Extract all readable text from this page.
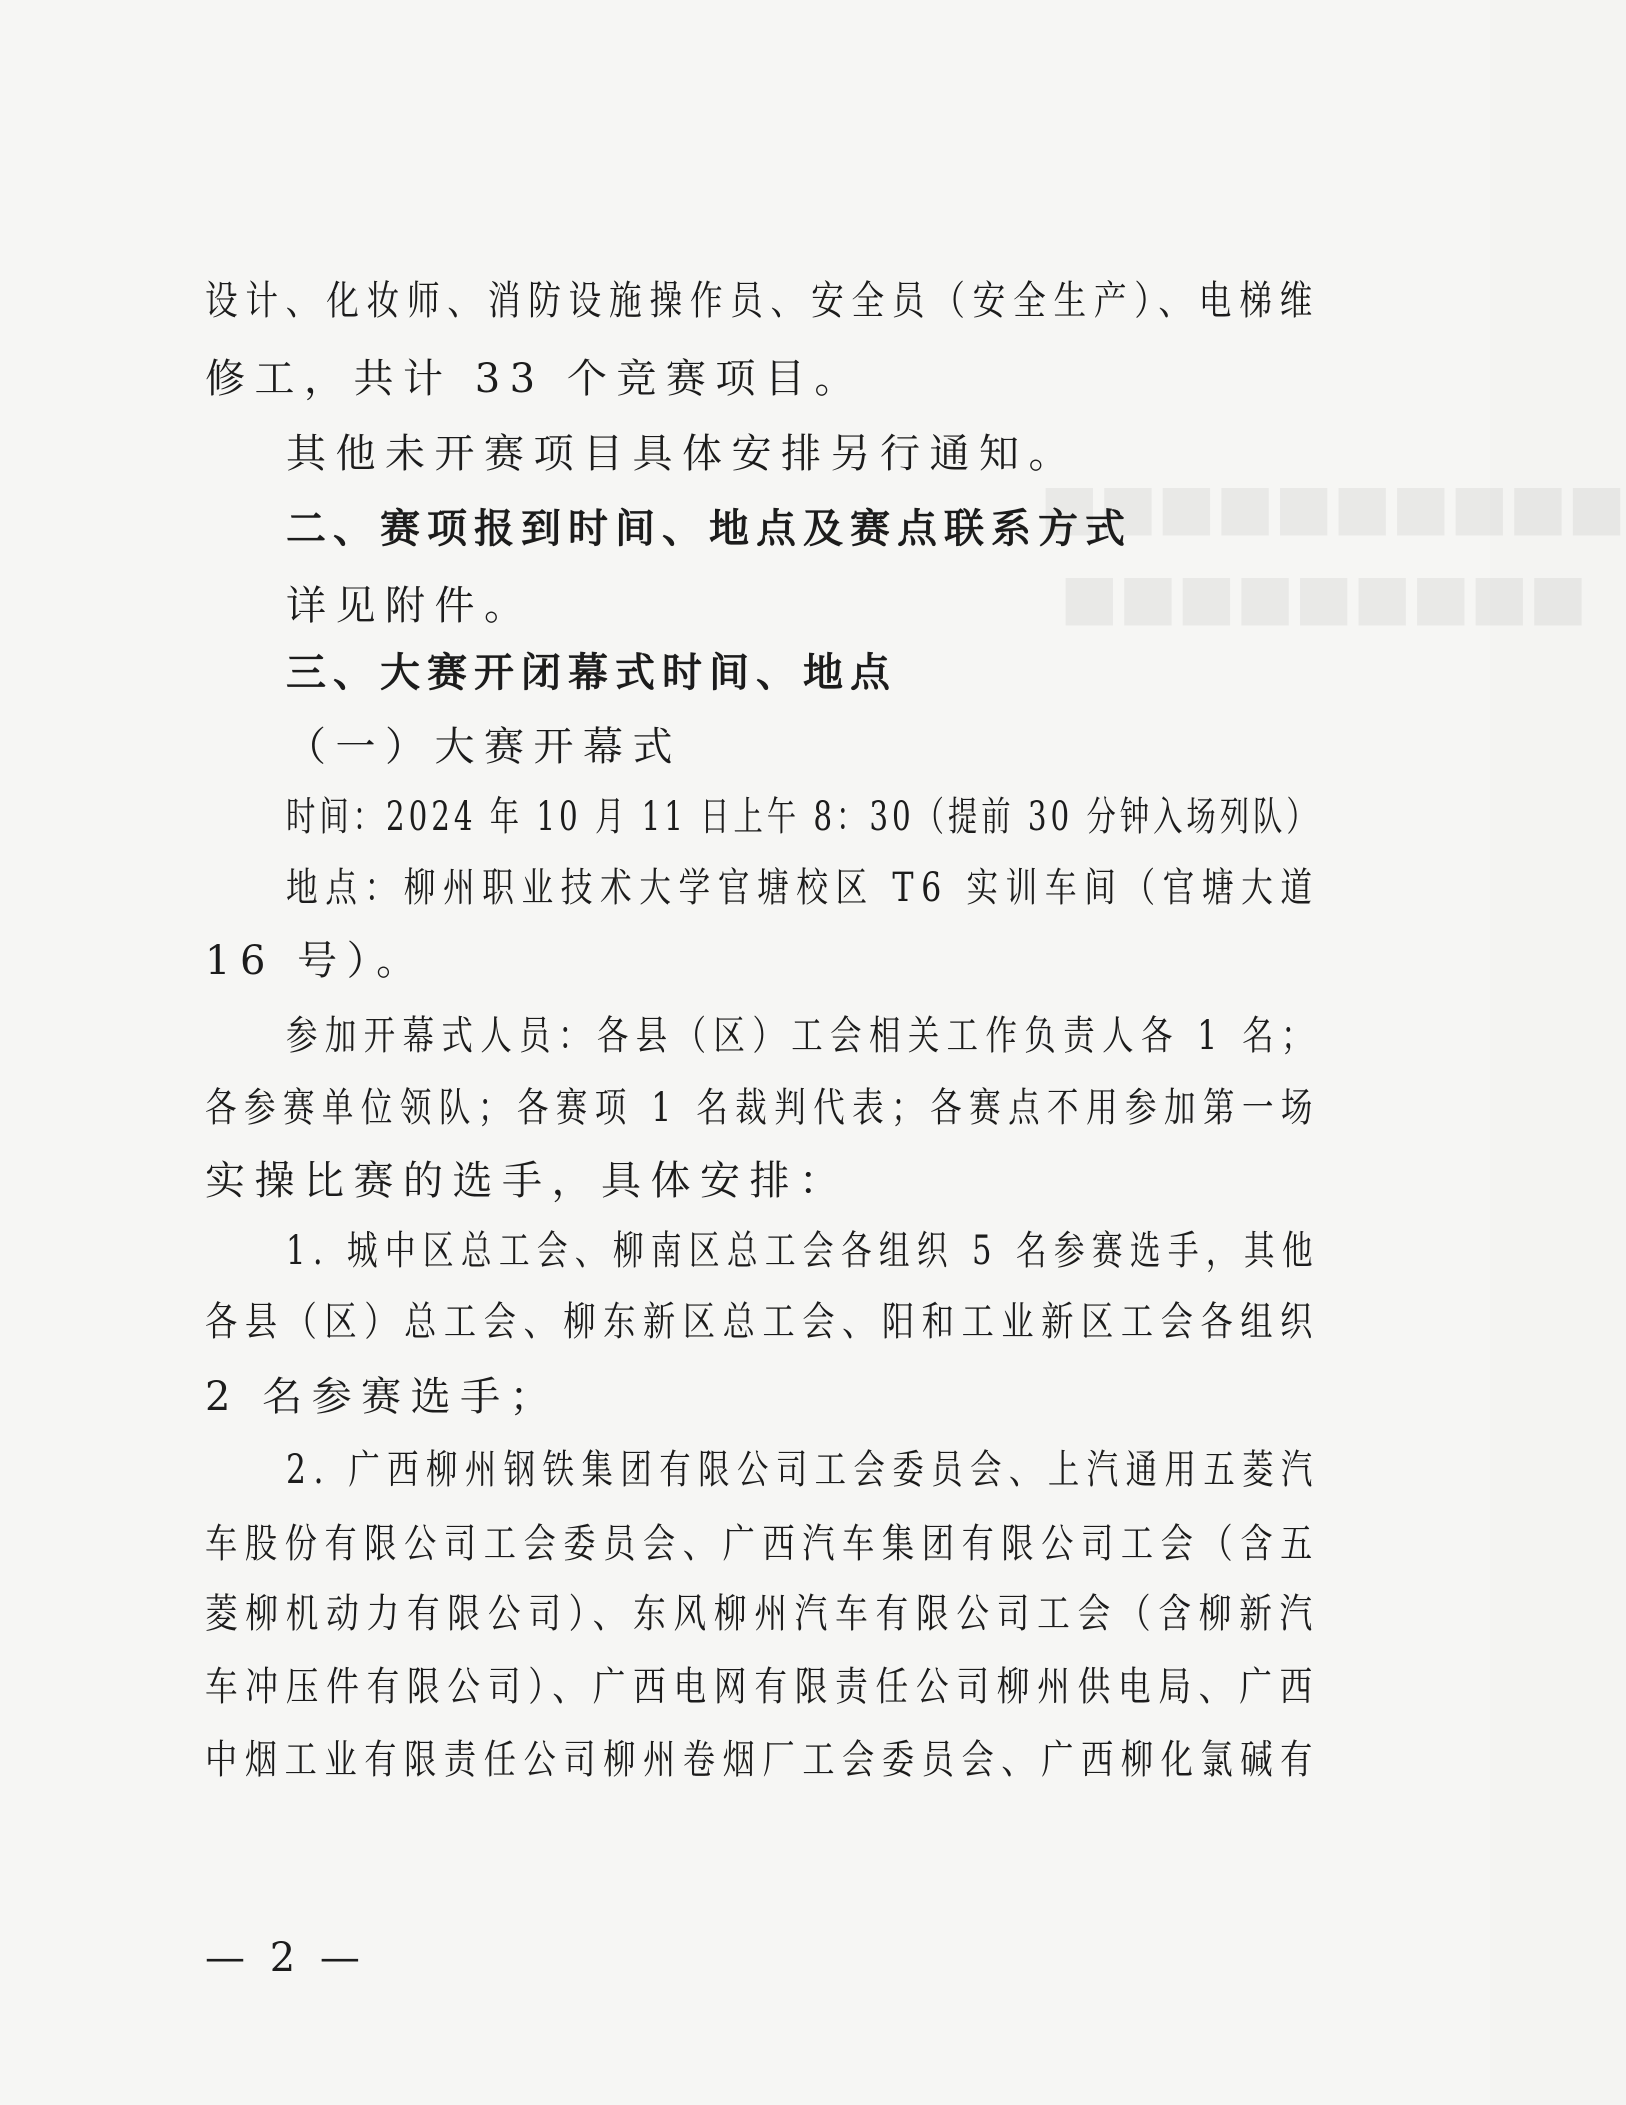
■■■■■■■■■■
■■■■■■■■■
设计、化妆师、消防设施操作员、安全员（安全生产）、电梯维
修工，共计 33 个竞赛项目。
其他未开赛项目具体安排另行通知。
二、赛项报到时间、地点及赛点联系方式
详见附件。
三、大赛开闭幕式时间、地点
（一）大赛开幕式
时间：2024 年 10 月 11 日上午 8：30（提前 30 分钟入场列队）
地点：柳州职业技术大学官塘校区 T6 实训车间（官塘大道
16 号）。
参加开幕式人员：各县（区）工会相关工作负责人各 1 名；
各参赛单位领队；各赛项 1 名裁判代表；各赛点不用参加第一场
实操比赛的选手，具体安排：
1. 城中区总工会、柳南区总工会各组织 5 名参赛选手，其他
各县（区）总工会、柳东新区总工会、阳和工业新区工会各组织
2 名参赛选手；
2. 广西柳州钢铁集团有限公司工会委员会、上汽通用五菱汽
车股份有限公司工会委员会、广西汽车集团有限公司工会（含五
菱柳机动力有限公司）、东风柳州汽车有限公司工会（含柳新汽
车冲压件有限公司）、广西电网有限责任公司柳州供电局、广西
中烟工业有限责任公司柳州卷烟厂工会委员会、广西柳化氯碱有
— 2 —
